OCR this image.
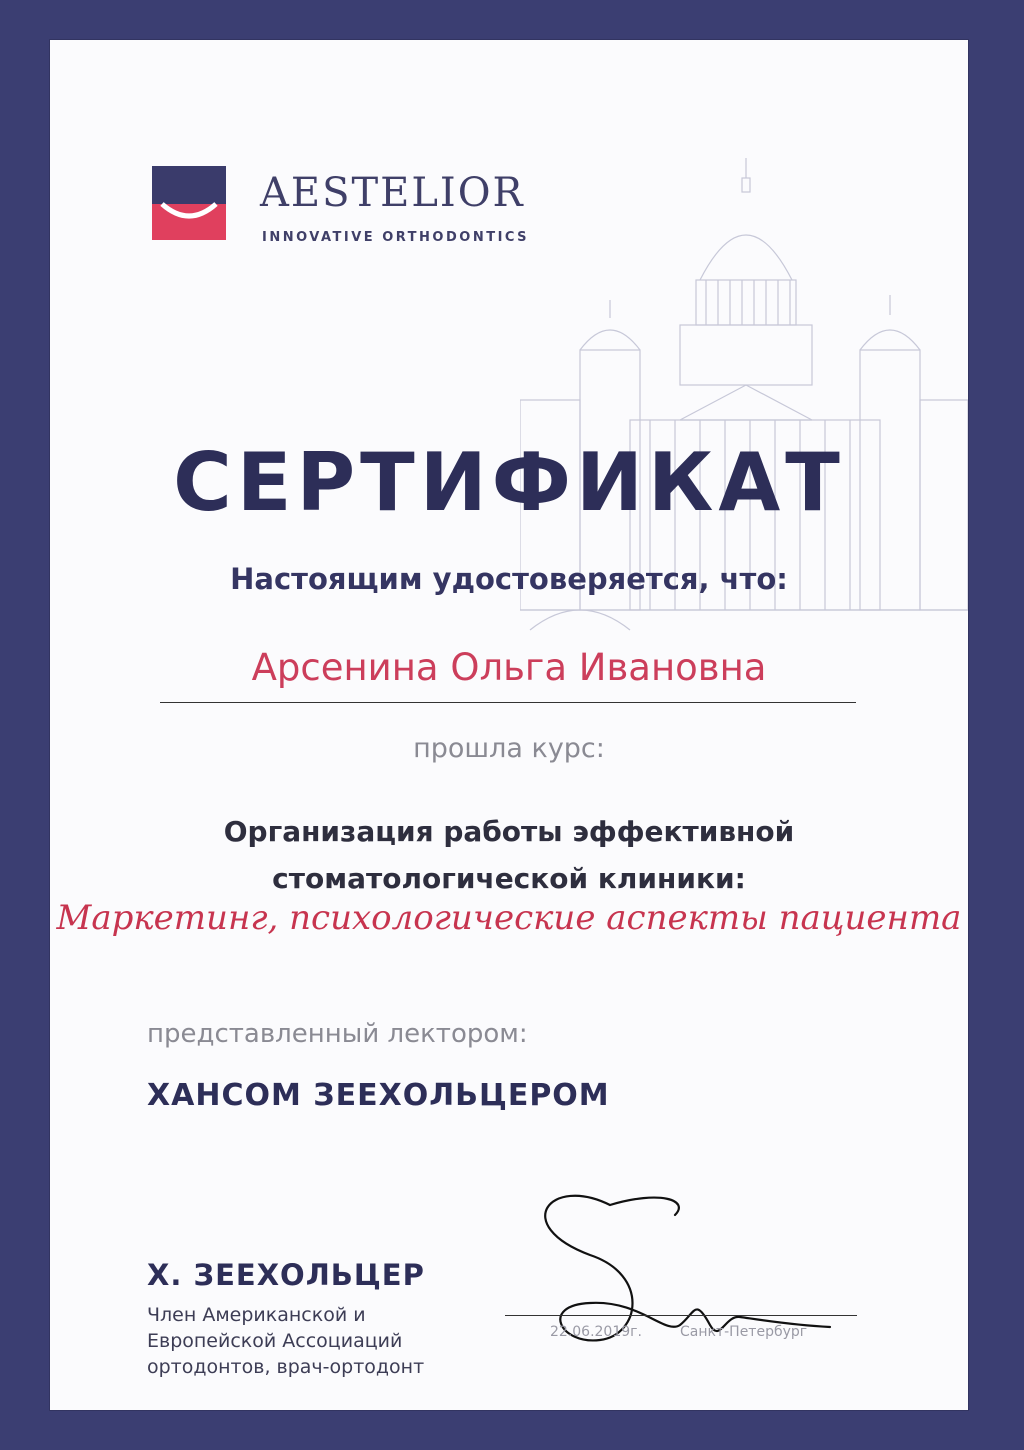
AESTELIOR
INNOVATIVE ORTHODONTICS
СЕРТИФИКАТ
Настоящим удостоверяется, что:
Арсенина Ольга Ивановна
прошла курс:
Организация работы эффективной
стоматологической клиники:
Маркетинг, психологические аспекты пациента
представленный лектором:
ХАНСОМ ЗЕЕХОЛЬЦЕРОМ
22.06.2019г.	Санкт-Петербург
Х. ЗЕЕХОЛЬЦЕР
Член Американской и
Европейской Ассоциаций
ортодонтов, врач-ортодонт
